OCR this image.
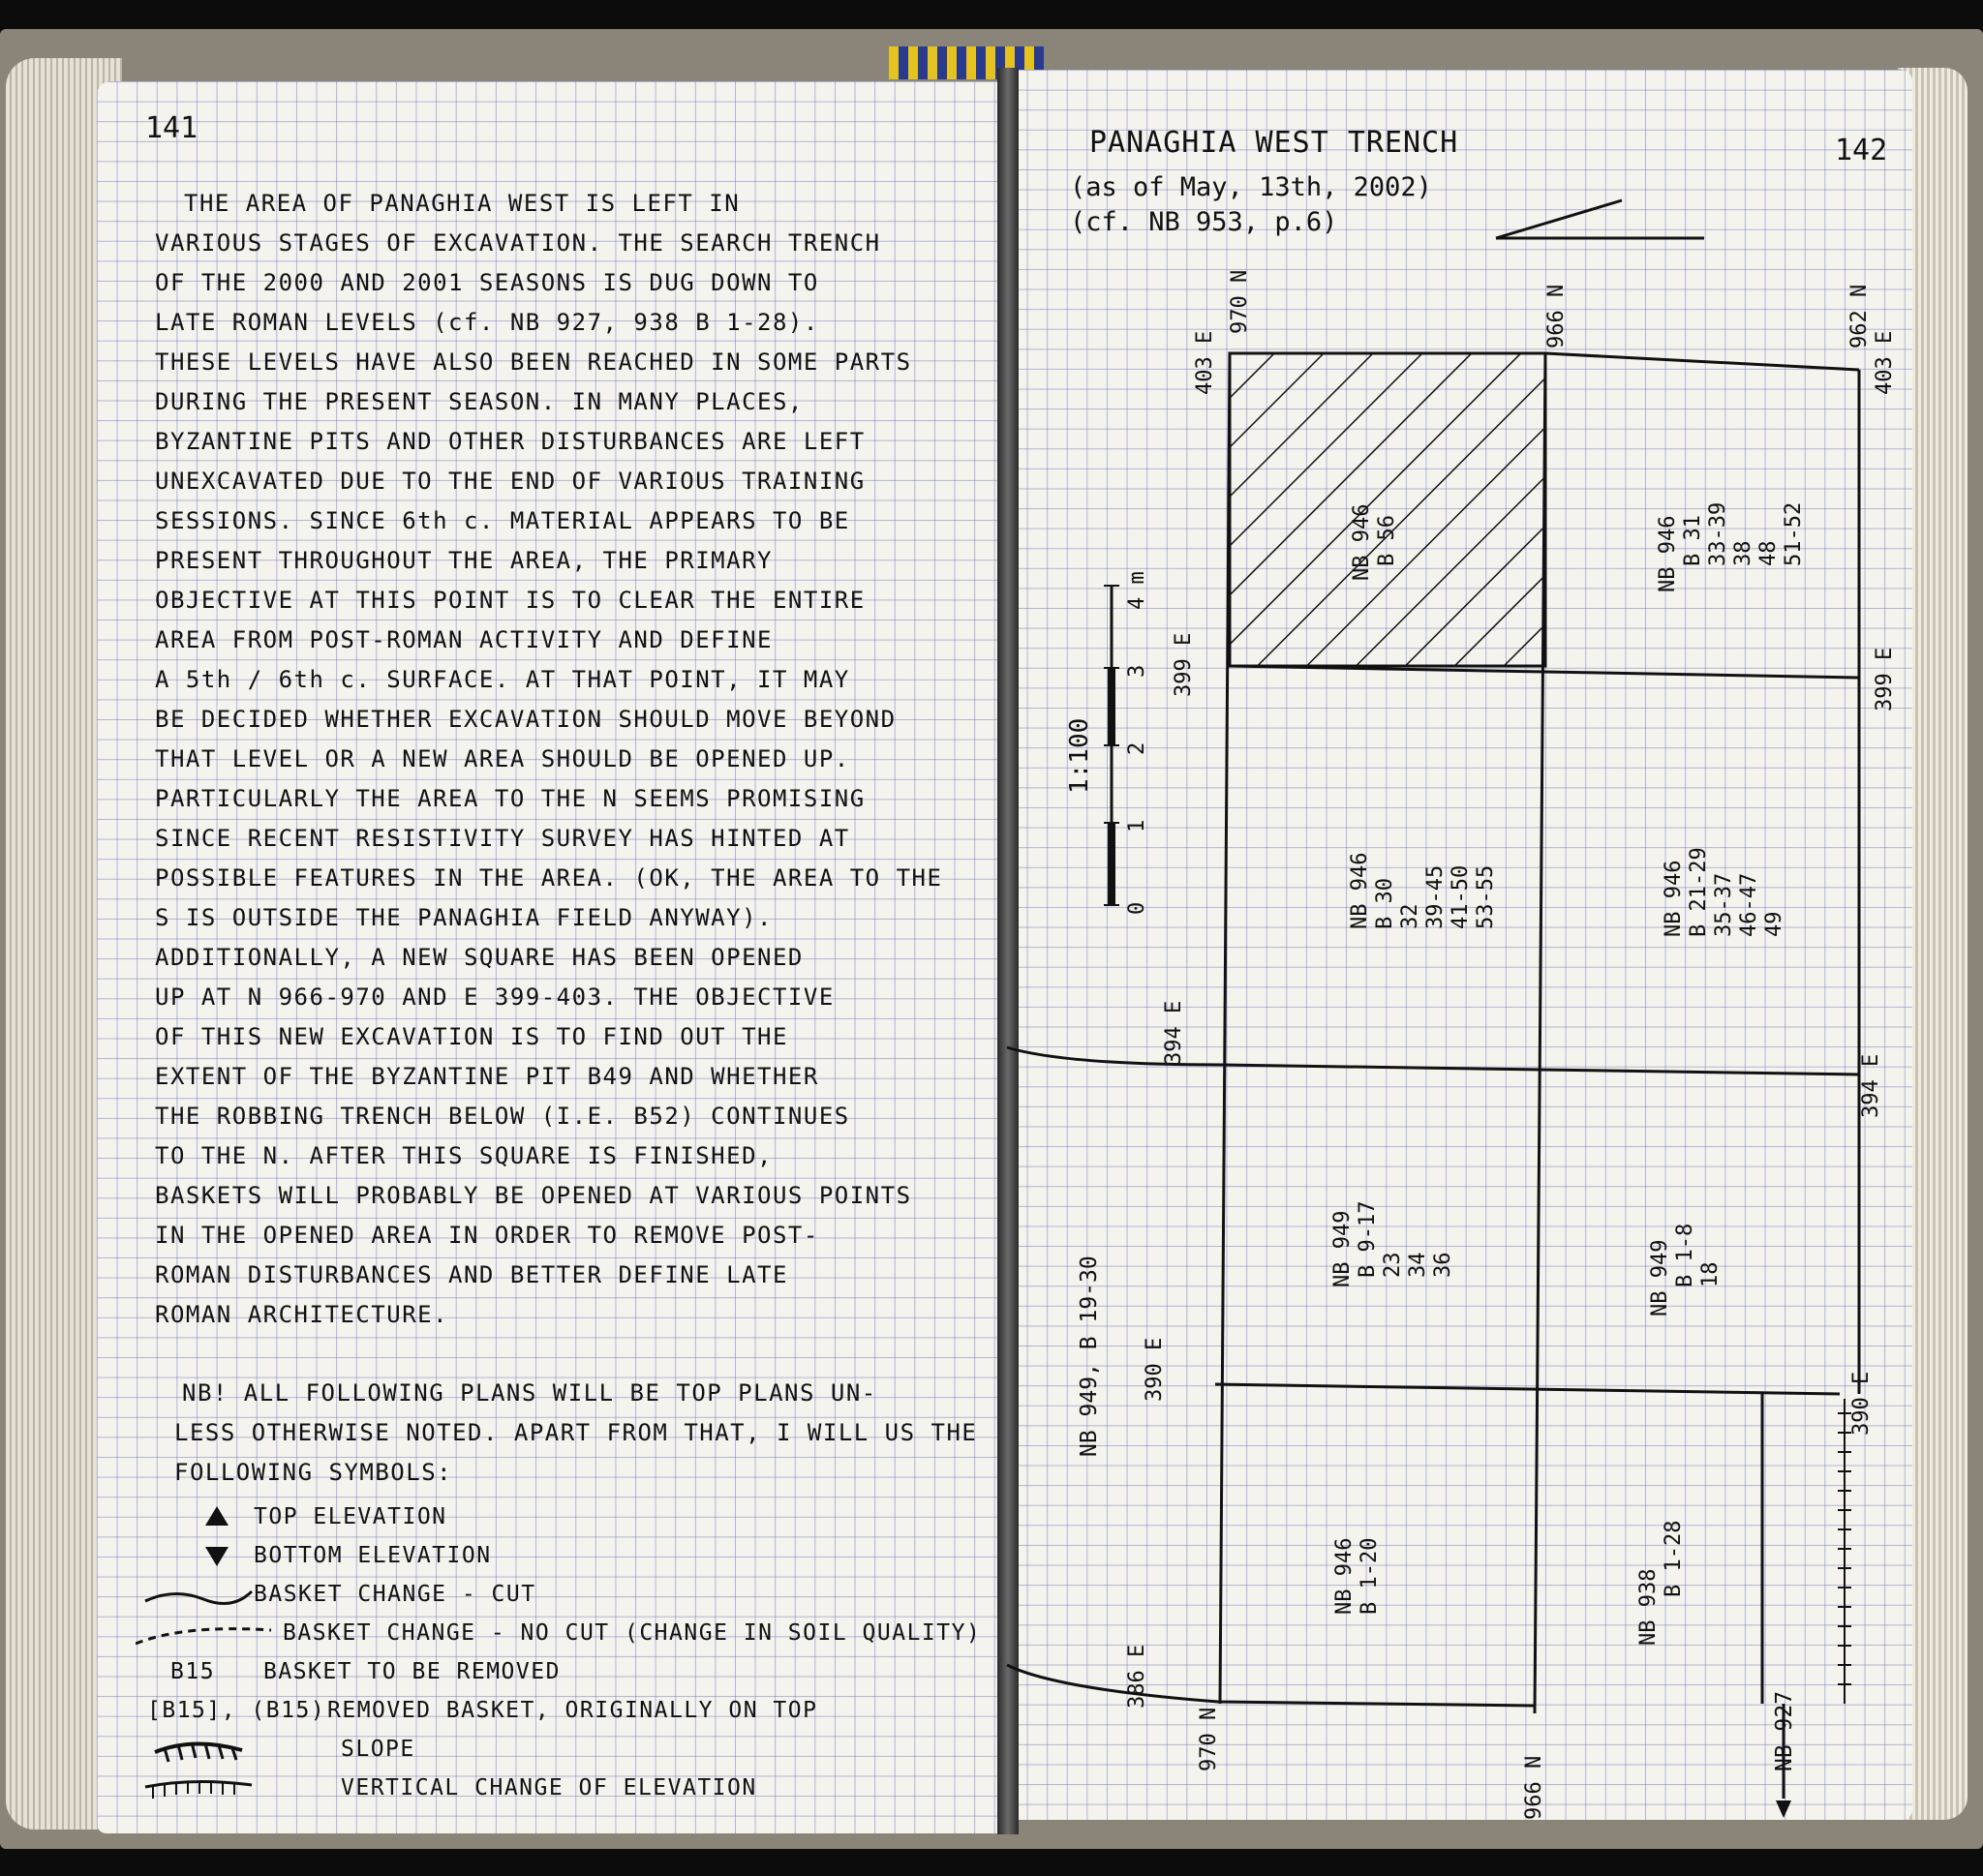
141
THE AREA OF PANAGHIA WEST IS LEFT IN
VARIOUS STAGES OF EXCAVATION. THE SEARCH TRENCH
OF THE 2000 AND 2001 SEASONS IS DUG DOWN TO
LATE ROMAN LEVELS (cf. NB 927, 938 B 1-28).
THESE LEVELS HAVE ALSO BEEN REACHED IN SOME PARTS
DURING THE PRESENT SEASON. IN MANY PLACES,
BYZANTINE PITS AND OTHER DISTURBANCES ARE LEFT
UNEXCAVATED DUE TO THE END OF VARIOUS TRAINING
SESSIONS. SINCE 6th c. MATERIAL APPEARS TO BE
PRESENT THROUGHOUT THE AREA, THE PRIMARY
OBJECTIVE AT THIS POINT IS TO CLEAR THE ENTIRE
AREA FROM POST-ROMAN ACTIVITY AND DEFINE
A 5th / 6th c. SURFACE. AT THAT POINT, IT MAY
BE DECIDED WHETHER EXCAVATION SHOULD MOVE BEYOND
THAT LEVEL OR A NEW AREA SHOULD BE OPENED UP.
PARTICULARLY THE AREA TO THE N SEEMS PROMISING
SINCE RECENT RESISTIVITY SURVEY HAS HINTED AT
POSSIBLE FEATURES IN THE AREA. (OK, THE AREA TO THE
S IS OUTSIDE THE PANAGHIA FIELD ANYWAY).
ADDITIONALLY, A NEW SQUARE HAS BEEN OPENED
UP AT N 966-970 AND E 399-403. THE OBJECTIVE
OF THIS NEW EXCAVATION IS TO FIND OUT THE
EXTENT OF THE BYZANTINE PIT B49 AND WHETHER
THE ROBBING TRENCH BELOW (I.E. B52) CONTINUES
TO THE N. AFTER THIS SQUARE IS FINISHED,
BASKETS WILL PROBABLY BE OPENED AT VARIOUS POINTS
IN THE OPENED AREA IN ORDER TO REMOVE POST-
ROMAN DISTURBANCES AND BETTER DEFINE LATE
ROMAN ARCHITECTURE.
NB! ALL FOLLOWING PLANS WILL BE TOP PLANS UN-
LESS OTHERWISE NOTED. APART FROM THAT, I WILL US THE
FOLLOWING SYMBOLS:
TOP ELEVATION
BOTTOM ELEVATION
BASKET CHANGE - CUT
BASKET CHANGE - NO CUT (CHANGE IN SOIL QUALITY)
B15 BASKET TO BE REMOVED
[B15], (B15) REMOVED BASKET, ORIGINALLY ON TOP
SLOPE
VERTICAL CHANGE OF ELEVATION
142
PANAGHIA WEST TRENCH
(as of May, 13th, 2002)
(cf. NB 953, p.6)
1:100
0
1
2
3
4 m
970 N	966 N	962 N
403 E	403 E
399 E	399 E
394 E
394 E
390 E
390 E
386 E
970 N
966 N
NB 946 B 56	NB 946 B 31
33-39
38
48
51-52
NB 946 B 30
32
39-45
41-50
53-55	NB 946 B 21-29
35-37
46-47
49
NB 949 B 9-17
23
34
36	NB 949 B 1-8
18
NB 946 B 1-20	NB 938
B 1-28
NB 949, B 19-30
NB 927
